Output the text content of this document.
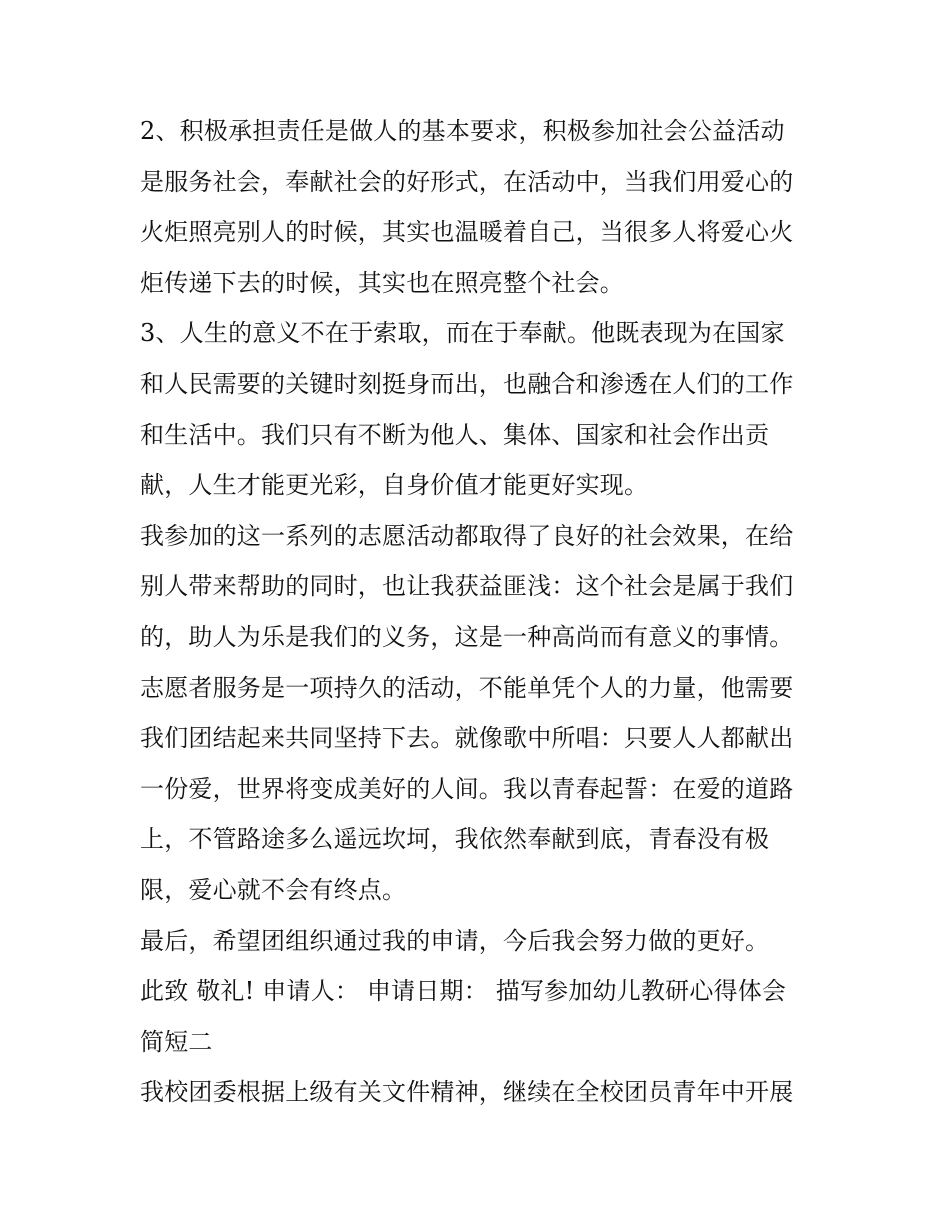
2、积极承担责任是做人的基本要求，积极参加社会公益活动
是服务社会，奉献社会的好形式，在活动中，当我们用爱心的
火炬照亮别人的时候，其实也温暖着自己，当很多人将爱心火
炬传递下去的时候，其实也在照亮整个社会。
3、人生的意义不在于索取，而在于奉献。他既表现为在国家
和人民需要的关键时刻挺身而出，也融合和渗透在人们的工作
和生活中。我们只有不断为他人、集体、国家和社会作出贡
献，人生才能更光彩，自身价值才能更好实现。
我参加的这一系列的志愿活动都取得了良好的社会效果，在给
别人带来帮助的同时，也让我获益匪浅：这个社会是属于我们
的，助人为乐是我们的义务，这是一种高尚而有意义的事情。
志愿者服务是一项持久的活动，不能单凭个人的力量，他需要
我们团结起来共同坚持下去。就像歌中所唱：只要人人都献出
一份爱，世界将变成美好的人间。我以青春起誓：在爱的道路
上，不管路途多么遥远坎坷，我依然奉献到底，青春没有极
限，爱心就不会有终点。
最后，希望团组织通过我的申请，今后我会努力做的更好。
此致 敬礼! 申请人： 申请日期： 描写参加幼儿教研心得体会
简短二
我校团委根据上级有关文件精神，继续在全校团员青年中开展
